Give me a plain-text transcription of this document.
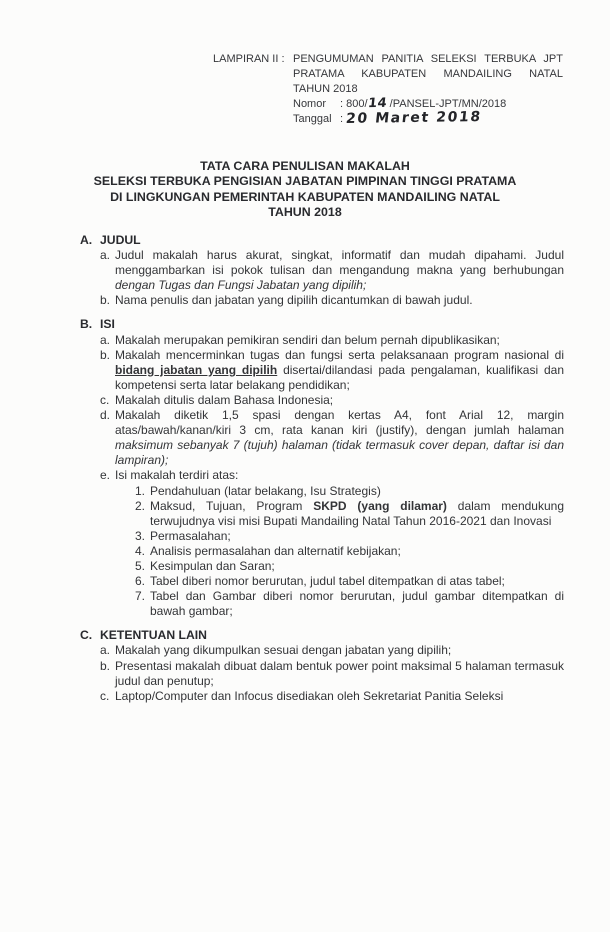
LAMPIRAN II : PENGUMUMAN PANITIA SELEKSI TERBUKA JPT
PRATAMA KABUPATEN MANDAILING NATAL
TAHUN 2018
Nomor	: 800/14 /PANSEL-JPT/MN/2018
Tanggal : 20 Maret 2018
TATA CARA PENULISAN MAKALAH
SELEKSI TERBUKA PENGISIAN JABATAN PIMPINAN TINGGI PRATAMA
DI LINGKUNGAN PEMERINTAH KABUPATEN MANDAILING NATAL
TAHUN 2018
A. JUDUL

a. Judul makalah harus akurat, singkat, informatif dan mudah dipahami. Judul menggambarkan isi pokok tulisan dan mengandung makna yang berhubungan dengan Tugas dan Fungsi Jabatan yang dipilih;

b. Nama penulis dan jabatan yang dipilih dicantumkan di bawah judul.

B. ISI

a. Makalah merupakan pemikiran sendiri dan belum pernah dipublikasikan;

b. Makalah mencerminkan tugas dan fungsi serta pelaksanaan program nasional di bidang jabatan yang dipilih disertai/dilandasi pada pengalaman, kualifikasi dan kompetensi serta latar belakang pendidikan;

c. Makalah ditulis dalam Bahasa Indonesia;

d. Makalah diketik 1,5 spasi dengan kertas A4, font Arial 12, margin atas/bawah/kanan/kiri 3 cm, rata kanan kiri (justify), dengan jumlah halaman maksimum sebanyak 7 (tujuh) halaman (tidak termasuk cover depan, daftar isi dan lampiran);

e. Isi makalah terdiri atas:

1. Pendahuluan (latar belakang, Isu Strategis)

2. Maksud, Tujuan, Program SKPD (yang dilamar) dalam mendukung terwujudnya visi misi Bupati Mandailing Natal Tahun 2016-2021 dan Inovasi

3. Permasalahan;

4. Analisis permasalahan dan alternatif kebijakan;

5. Kesimpulan dan Saran;

6. Tabel diberi nomor berurutan, judul tabel ditempatkan di atas tabel;

7. Tabel dan Gambar diberi nomor berurutan, judul gambar ditempatkan di bawah gambar;

C. KETENTUAN LAIN

a. Makalah yang dikumpulkan sesuai dengan jabatan yang dipilih;

b. Presentasi makalah dibuat dalam bentuk power point maksimal 5 halaman termasuk judul dan penutup;

c. Laptop/Computer dan Infocus disediakan oleh Sekretariat Panitia Seleksi
